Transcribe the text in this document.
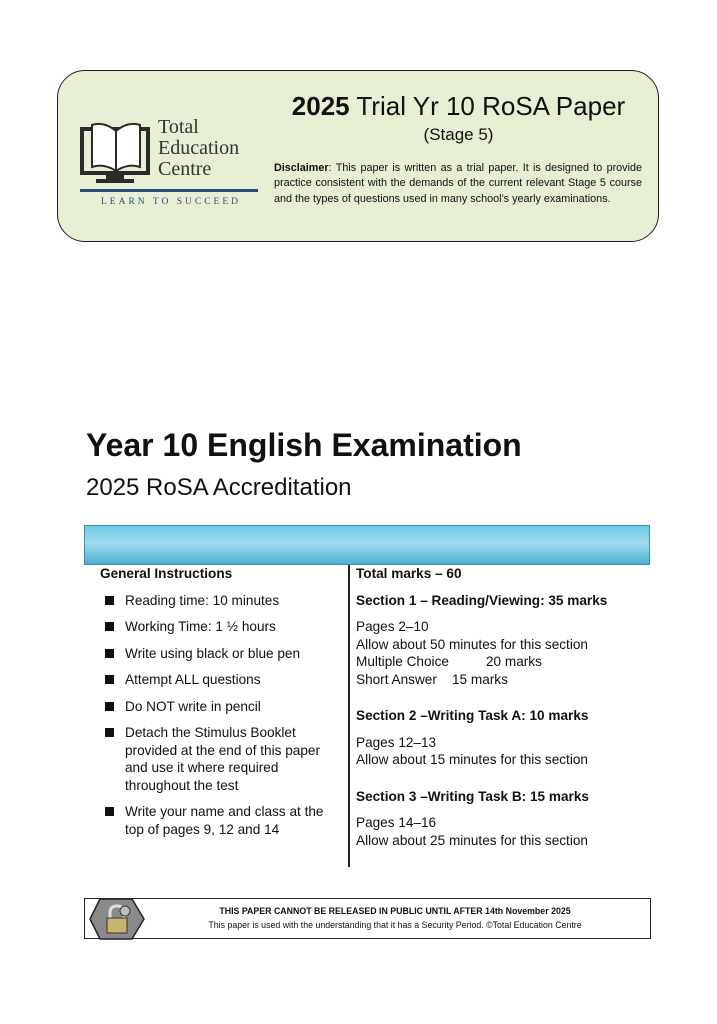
Total
Education
Centre
LEARN TO SUCCEED
2025 Trial Yr 10 RoSA Paper
(Stage 5)
Disclaimer: This paper is written as a trial paper. It is designed to provide practice consistent with the demands of the current relevant Stage 5 course and the types of questions used in many school’s yearly examinations.
Year 10 English Examination
2025 RoSA Accreditation
General Instructions
Reading time: 10 minutes
Working Time: 1 ½ hours
Write using black or blue pen
Attempt ALL questions
Do NOT write in pencil
Detach the Stimulus Booklet provided at the end of this paper and use it where required throughout the test
Write your name and class at the top of pages 9, 12 and 14

Total marks – 60

Section 1 – Reading/Viewing: 35 marks

Pages 2–10

Allow about 50 minutes for this section

Multiple Choice	20 marks
Short Answer	15 marks

Section 2 –Writing Task A: 10 marks

Pages 12–13

Allow about 15 minutes for this section

Section 3 –Writing Task B: 15 marks

Pages 14–16

Allow about 25 minutes for this section

THIS PAPER CANNOT BE RELEASED IN PUBLIC UNTIL AFTER 14th November 2025
This paper is used with the understanding that it has a Security Period. ©Total Education Centre
